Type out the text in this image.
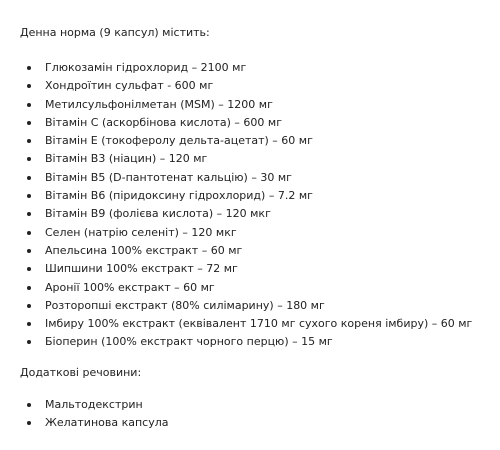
Денна норма (9 капсул) містить:
Глюкозамін гідрохлорид – 2100 мг
Хондроїтин сульфат - 600 мг
Метилсульфонілметан (MSM) – 1200 мг
Вітамін С (аскорбінова кислота) – 600 мг
Вітамін Е (токоферолу дельта-ацетат) – 60 мг
Вітамін В3 (ніацин) – 120 мг
Вітамін В5 (D-пантотенат кальцію) – 30 мг
Вітамін В6 (піридоксину гідрохлорид) – 7.2 мг
Вітамін В9 (фолієва кислота) – 120 мкг
Селен (натрію селеніт) – 120 мкг
Апельсина 100% екстракт – 60 мг
Шипшини 100% екстракт – 72 мг
Аронії 100% екстракт – 60 мг
Розторопші екстракт (80% силімарину) – 180 мг
Імбиру 100% екстракт (еквівалент 1710 мг сухого кореня імбиру) – 60 мг
Біоперин (100% екстракт чорного перцю) – 15 мг
Додаткові речовини:
Мальтодекстрин
Желатинова капсула
